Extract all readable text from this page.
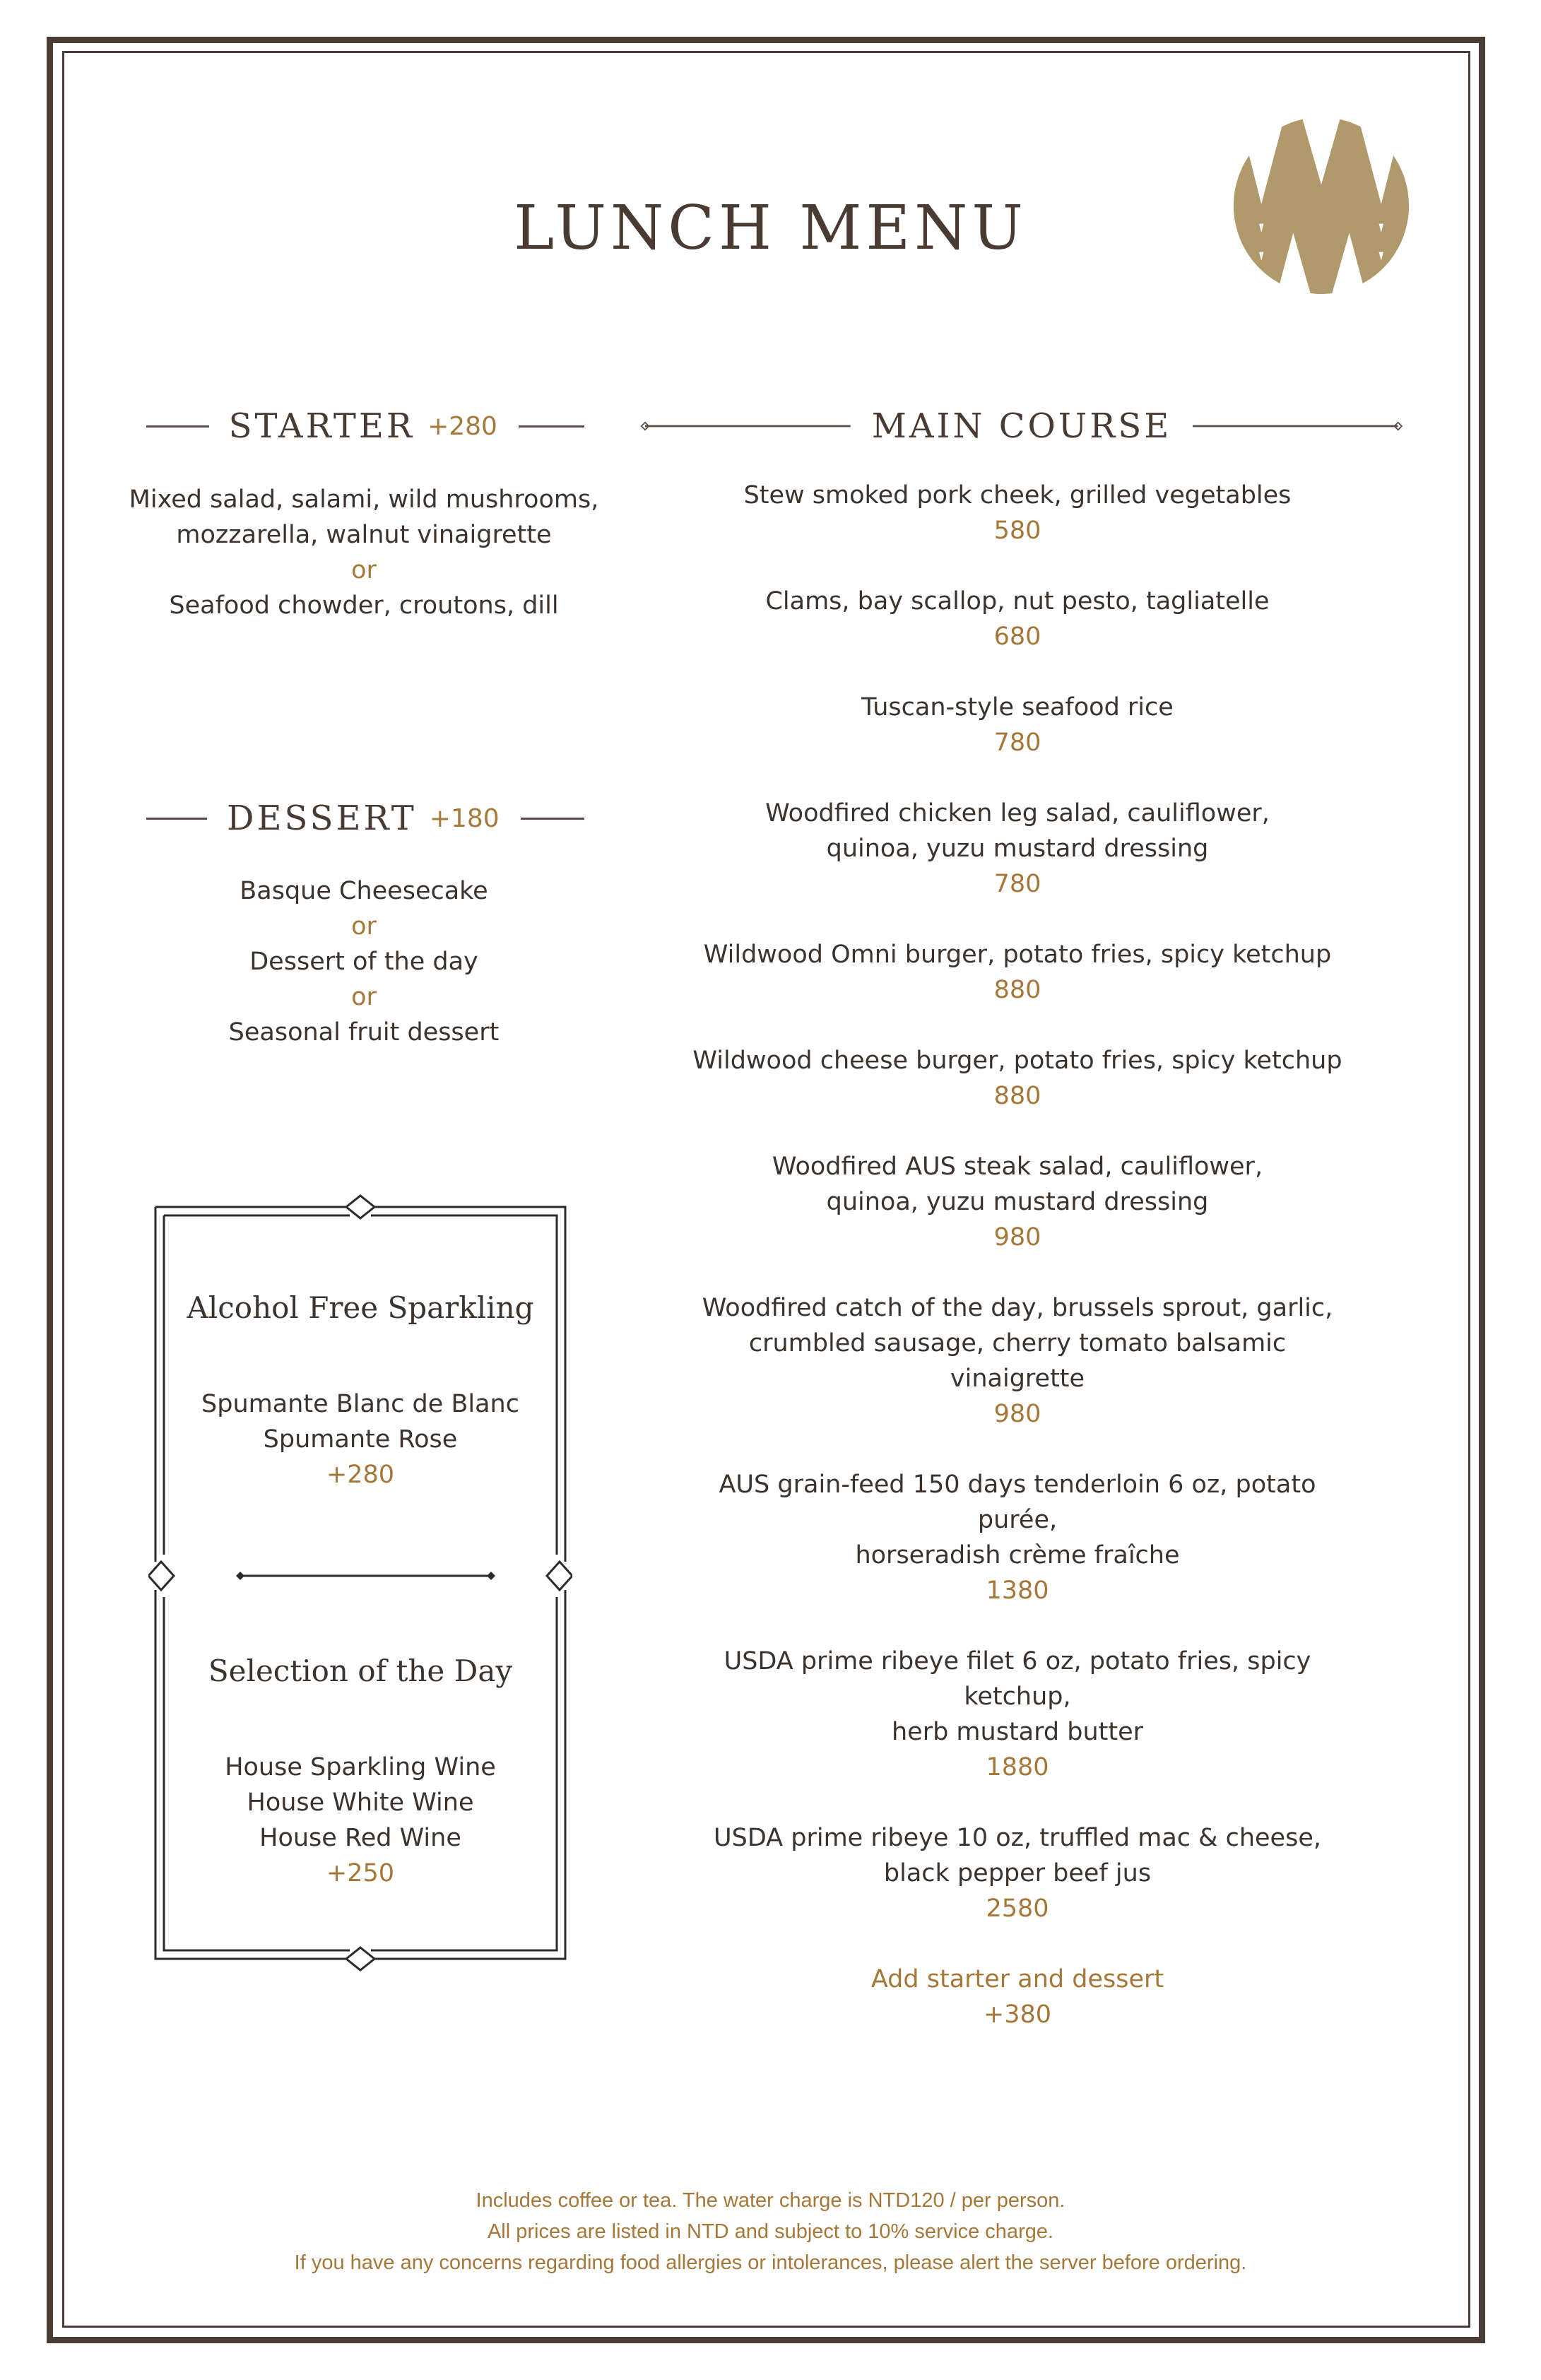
LUNCH MENU
STARTER +280
Mixed salad, salami, wild mushrooms,
mozzarella, walnut vinaigrette
or
Seafood chowder, croutons, dill
DESSERT +180
Basque Cheesecake
or
Dessert of the day
or
Seasonal fruit dessert
Alcohol Free Sparkling
Spumante Blanc de Blanc
Spumante Rose
+280
Selection of the Day
House Sparkling Wine
House White Wine
House Red Wine
+250
MAIN COURSE
Stew smoked pork cheek, grilled vegetables
580
Clams, bay scallop, nut pesto, tagliatelle
680
Tuscan-style seafood rice
780
Woodfired chicken leg salad, cauliflower,
quinoa, yuzu mustard dressing
780
Wildwood Omni burger, potato fries, spicy ketchup
880
Wildwood cheese burger, potato fries, spicy ketchup
880
Woodfired AUS steak salad, cauliflower,
quinoa, yuzu mustard dressing
980
Woodfired catch of the day, brussels sprout, garlic,
crumbled sausage, cherry tomato balsamic vinaigrette
980
AUS grain-feed 150 days tenderloin 6 oz, potato purée,
horseradish crème fraîche
1380
USDA prime ribeye filet 6 oz, potato fries, spicy ketchup,
herb mustard butter
1880
USDA prime ribeye 10 oz, truffled mac & cheese,
black pepper beef jus
2580
Add starter and dessert
+380
Includes coffee or tea. The water charge is NTD120 / per person.
All prices are listed in NTD and subject to 10% service charge.
If you have any concerns regarding food allergies or intolerances, please alert the server before ordering.
